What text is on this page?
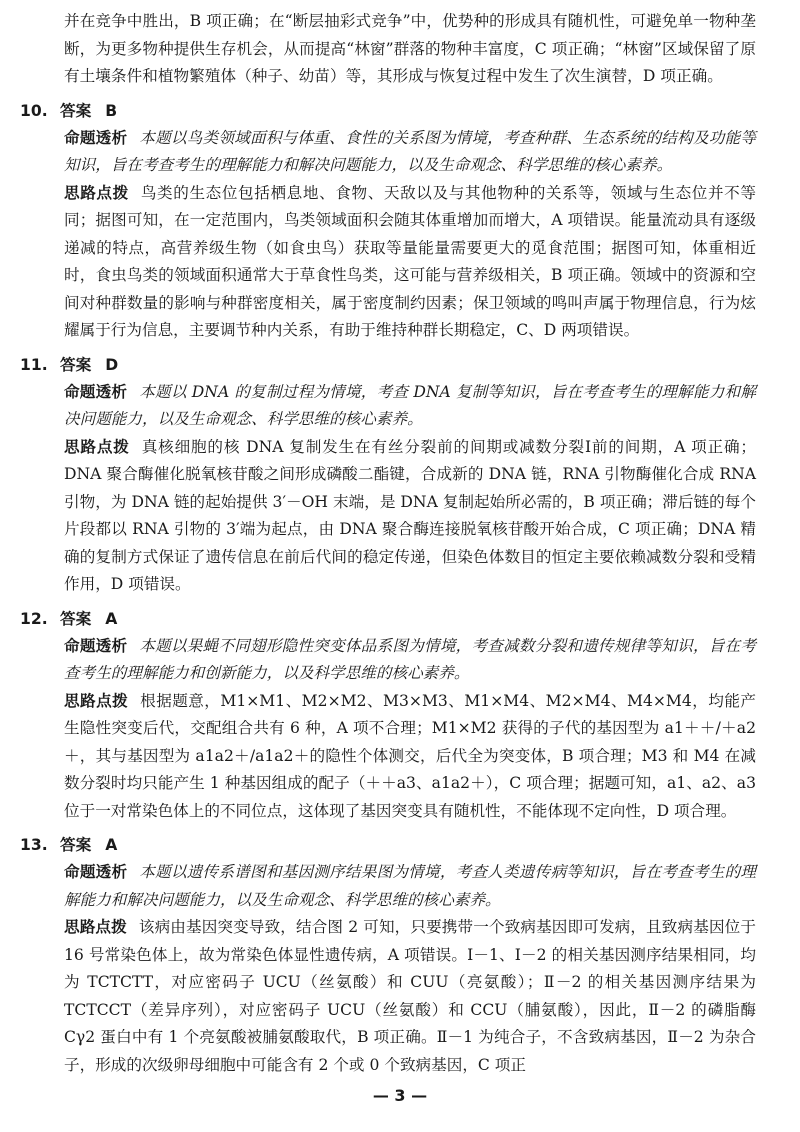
并在竞争中胜出，B 项正确；在“断层抽彩式竞争”中，优势种的形成具有随机性，可避免单一物种垄断，为更多物种提供生存机会，从而提高“林窗”群落的物种丰富度，C 项正确；“林窗”区域保留了原有土壤条件和植物繁殖体（种子、幼苗）等，其形成与恢复过程中发生了次生演替，D 项正确。

10. 答案 B

命题透析 本题以鸟类领域面积与体重、食性的关系图为情境，考查种群、生态系统的结构及功能等知识，旨在考查考生的理解能力和解决问题能力，以及生命观念、科学思维的核心素养。

思路点拨 鸟类的生态位包括栖息地、食物、天敌以及与其他物种的关系等，领域与生态位并不等同；据图可知，在一定范围内，鸟类领域面积会随其体重增加而增大，A 项错误。能量流动具有逐级递减的特点，高营养级生物（如食虫鸟）获取等量能量需要更大的觅食范围；据图可知，体重相近时，食虫鸟类的领域面积通常大于草食性鸟类，这可能与营养级相关，B 项正确。领域中的资源和空间对种群数量的影响与种群密度相关，属于密度制约因素；保卫领域的鸣叫声属于物理信息，行为炫耀属于行为信息，主要调节种内关系，有助于维持种群长期稳定，C、D 两项错误。

11. 答案 D

命题透析 本题以 DNA 的复制过程为情境，考查 DNA 复制等知识，旨在考查考生的理解能力和解决问题能力，以及生命观念、科学思维的核心素养。

思路点拨 真核细胞的核 DNA 复制发生在有丝分裂前的间期或减数分裂Ⅰ前的间期，A 项正确；DNA 聚合酶催化脱氧核苷酸之间形成磷酸二酯键，合成新的 DNA 链，RNA 引物酶催化合成 RNA 引物，为 DNA 链的起始提供 3′－OH 末端，是 DNA 复制起始所必需的，B 项正确；滞后链的每个片段都以 RNA 引物的 3′端为起点，由 DNA 聚合酶连接脱氧核苷酸开始合成，C 项正确；DNA 精确的复制方式保证了遗传信息在前后代间的稳定传递，但染色体数目的恒定主要依赖减数分裂和受精作用，D 项错误。

12. 答案 A

命题透析 本题以果蝇不同翅形隐性突变体品系图为情境，考查减数分裂和遗传规律等知识，旨在考查考生的理解能力和创新能力，以及科学思维的核心素养。

思路点拨 根据题意，M1×M1、M2×M2、M3×M3、M1×M4、M2×M4、M4×M4，均能产生隐性突变后代，交配组合共有 6 种，A 项不合理；M1×M2 获得的子代的基因型为 a1＋＋/＋a2＋，其与基因型为 a1a2＋/a1a2＋的隐性个体测交，后代全为突变体，B 项合理；M3 和 M4 在减数分裂时均只能产生 1 种基因组成的配子（＋＋a3、a1a2＋），C 项合理；据题可知，a1、a2、a3 位于一对常染色体上的不同位点，这体现了基因突变具有随机性，不能体现不定向性，D 项合理。

13. 答案 A

命题透析 本题以遗传系谱图和基因测序结果图为情境，考查人类遗传病等知识，旨在考查考生的理解能力和解决问题能力，以及生命观念、科学思维的核心素养。

思路点拨 该病由基因突变导致，结合图 2 可知，只要携带一个致病基因即可发病，且致病基因位于 16 号常染色体上，故为常染色体显性遗传病，A 项错误。Ⅰ－1、Ⅰ－2 的相关基因测序结果相同，均为 TCTCTT，对应密码子 UCU（丝氨酸）和 CUU（亮氨酸）；Ⅱ－2 的相关基因测序结果为 TCTCCT（差异序列），对应密码子 UCU（丝氨酸）和 CCU（脯氨酸），因此，Ⅱ－2 的磷脂酶 Cγ2 蛋白中有 1 个亮氨酸被脯氨酸取代，B 项正确。Ⅱ－1 为纯合子，不含致病基因，Ⅱ－2 为杂合子，形成的次级卵母细胞中可能含有 2 个或 0 个致病基因，C 项正

— 3 —
